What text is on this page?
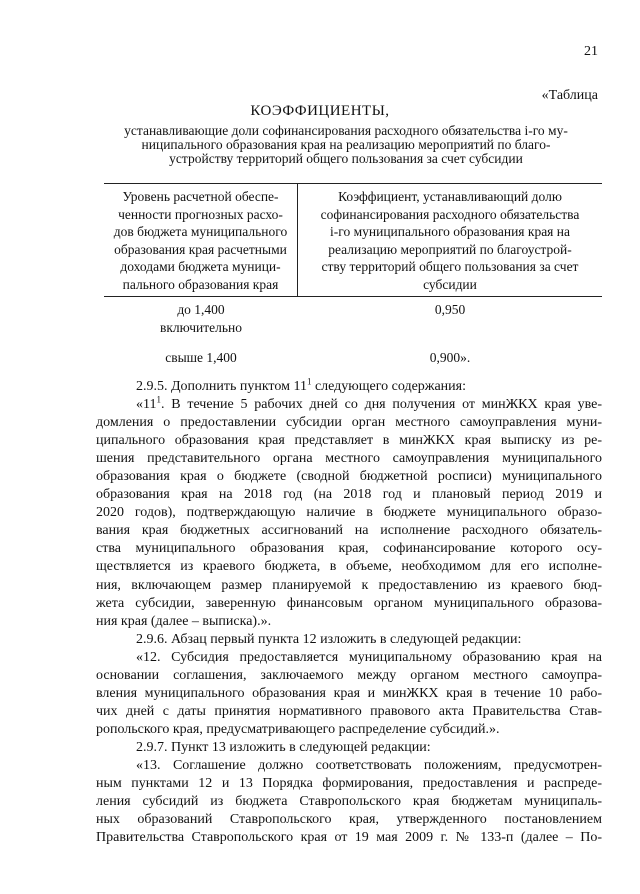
21
«Таблица
КОЭФФИЦИЕНТЫ,
устанавливающие доли софинансирования расходного обязательства i-го му-
ниципального образования края на реализацию мероприятий по благо-
устройству территорий общего пользования за счет субсидии
Уровень расчетной обеспе-
ченности прогнозных расхо-
дов бюджета муниципального
образования края расчетными
доходами бюджета муници-
пального образования края
Коэффициент, устанавливающий долю
софинансирования расходного обязательства
i-го муниципального образования края на
реализацию мероприятий по благоустрой-
ству территорий общего пользования за счет
субсидии
до 1,400
включительно
0,950
свыше 1,400	0,900».
2.9.5. Дополнить пунктом $11^1$ следующего содержания:
«$11^1$. В течение 5 рабочих дней со дня получения от минЖКХ края уве-
домления о предоставлении субсидии орган местного самоуправления муни-
ципального образования края представляет в минЖКХ края выписку из ре-
шения представительного органа местного самоуправления муниципального
образования края о бюджете (сводной бюджетной росписи) муниципального
образования края на 2018 год (на 2018 год и плановый период 2019 и
2020 годов), подтверждающую наличие в бюджете муниципального образо-
вания края бюджетных ассигнований на исполнение расходного обязатель-
ства муниципального образования края, софинансирование которого осу-
ществляется из краевого бюджета, в объеме, необходимом для его исполне-
ния, включающем размер планируемой к предоставлению из краевого бюд-
жета субсидии, заверенную финансовым органом муниципального образова-
ния края (далее – выписка).».
2.9.6. Абзац первый пункта 12 изложить в следующей редакции:
«12. Субсидия предоставляется муниципальному образованию края на
основании соглашения, заключаемого между органом местного самоупра-
вления муниципального образования края и минЖКХ края в течение 10 рабо-
чих дней с даты принятия нормативного правового акта Правительства Став-
ропольского края, предусматривающего распределение субсидий.».
2.9.7. Пункт 13 изложить в следующей редакции:
«13. Соглашение должно соответствовать положениям, предусмотрен-
ным пунктами 12 и 13 Порядка формирования, предоставления и распреде-
ления субсидий из бюджета Ставропольского края бюджетам муниципаль-
ных образований Ставропольского края, утвержденного постановлением
Правительства Ставропольского края от 19 мая 2009 г. № 133-п (далее – По-
